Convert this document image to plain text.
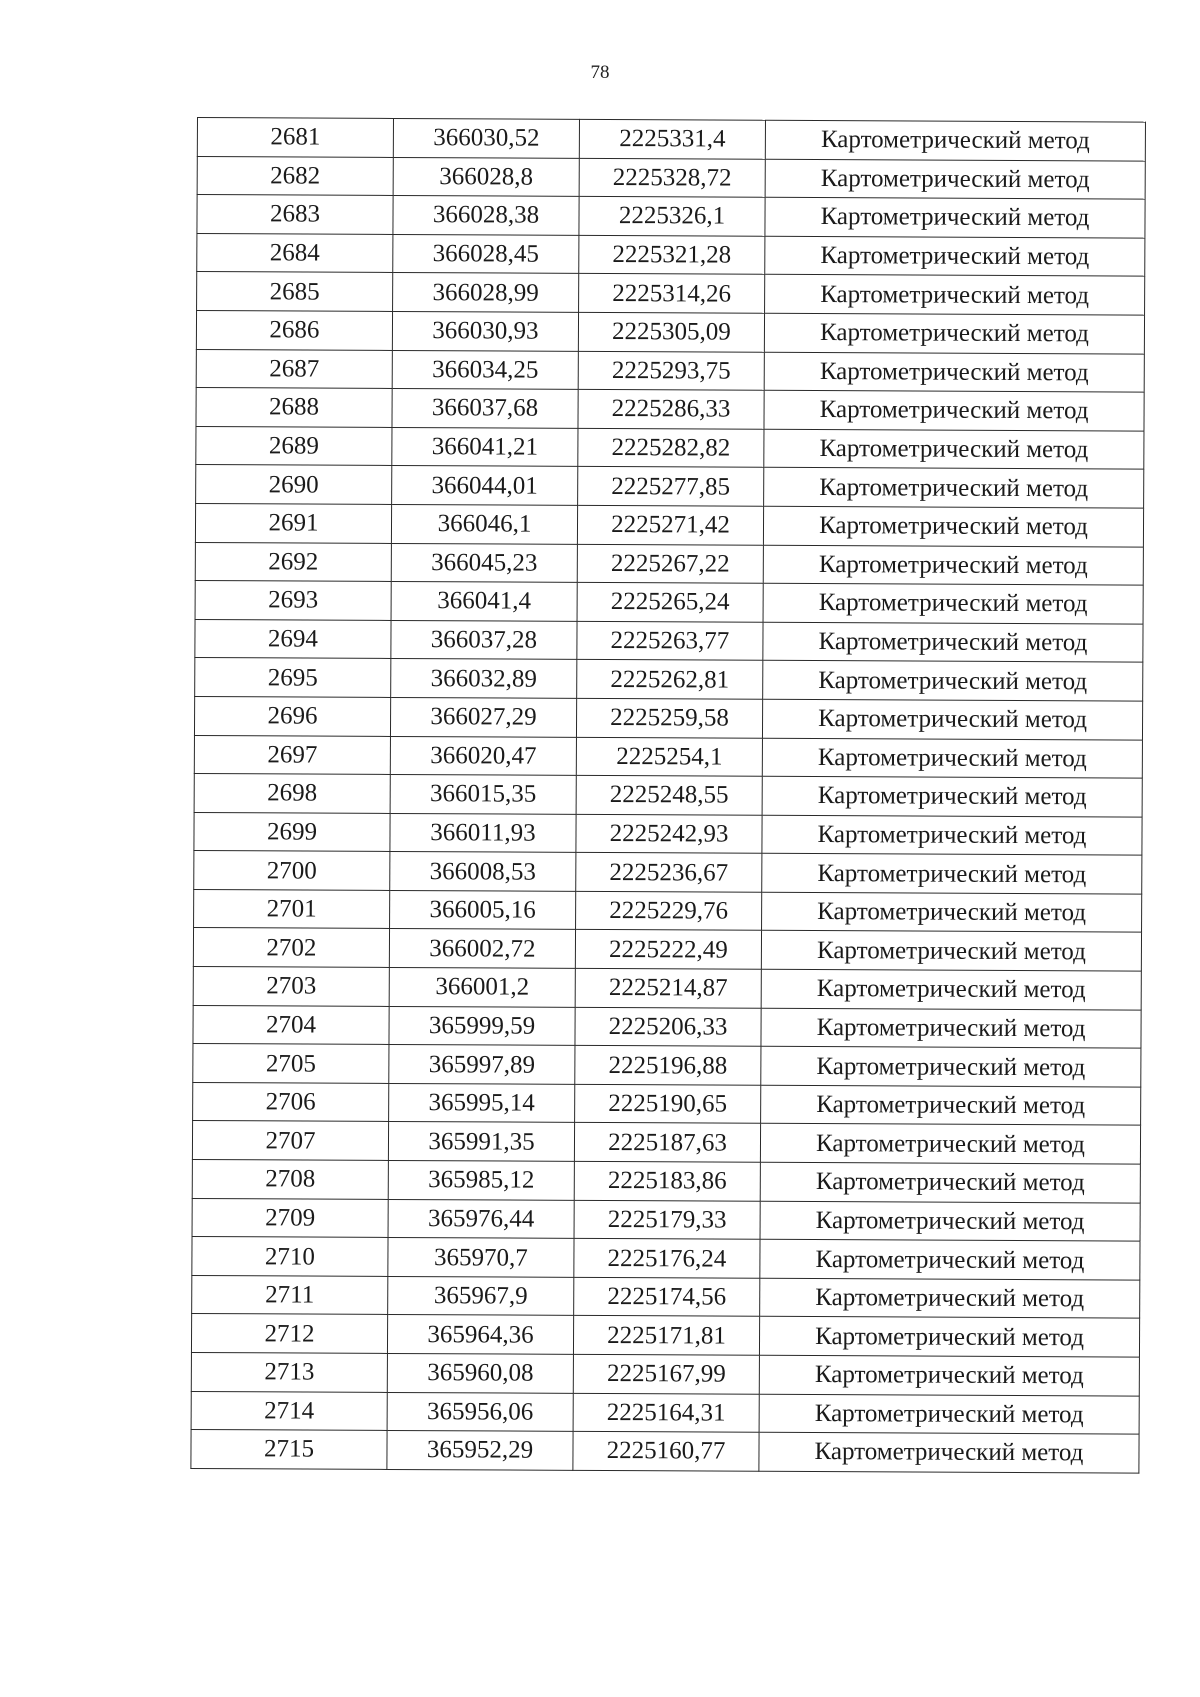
78
2681	366030,52	2225331,4	Картометрический метод
2682	366028,8	2225328,72	Картометрический метод
2683	366028,38	2225326,1	Картометрический метод
2684	366028,45	2225321,28	Картометрический метод
2685	366028,99	2225314,26	Картометрический метод
2686	366030,93	2225305,09	Картометрический метод
2687	366034,25	2225293,75	Картометрический метод
2688	366037,68	2225286,33	Картометрический метод
2689	366041,21	2225282,82	Картометрический метод
2690	366044,01	2225277,85	Картометрический метод
2691	366046,1	2225271,42	Картометрический метод
2692	366045,23	2225267,22	Картометрический метод
2693	366041,4	2225265,24	Картометрический метод
2694	366037,28	2225263,77	Картометрический метод
2695	366032,89	2225262,81	Картометрический метод
2696	366027,29	2225259,58	Картометрический метод
2697	366020,47	2225254,1	Картометрический метод
2698	366015,35	2225248,55	Картометрический метод
2699	366011,93	2225242,93	Картометрический метод
2700	366008,53	2225236,67	Картометрический метод
2701	366005,16	2225229,76	Картометрический метод
2702	366002,72	2225222,49	Картометрический метод
2703	366001,2	2225214,87	Картометрический метод
2704	365999,59	2225206,33	Картометрический метод
2705	365997,89	2225196,88	Картометрический метод
2706	365995,14	2225190,65	Картометрический метод
2707	365991,35	2225187,63	Картометрический метод
2708	365985,12	2225183,86	Картометрический метод
2709	365976,44	2225179,33	Картометрический метод
2710	365970,7	2225176,24	Картометрический метод
2711	365967,9	2225174,56	Картометрический метод
2712	365964,36	2225171,81	Картометрический метод
2713	365960,08	2225167,99	Картометрический метод
2714	365956,06	2225164,31	Картометрический метод
2715	365952,29	2225160,77	Картометрический метод
